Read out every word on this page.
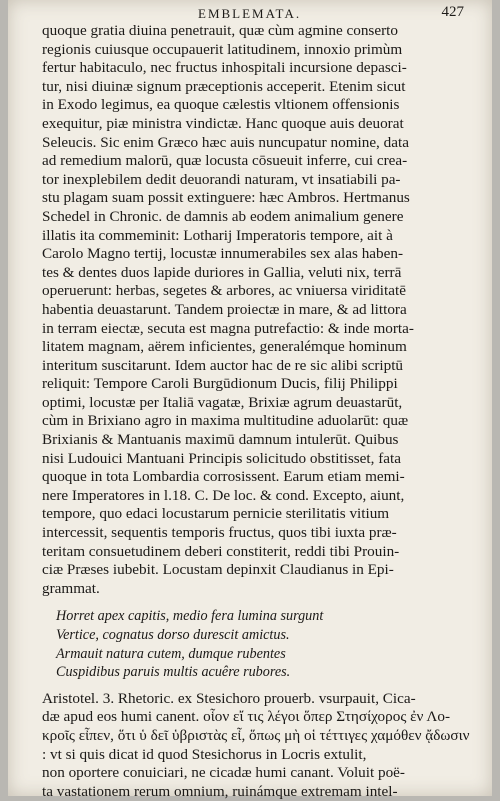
EMBLEMATA.	427
quoque gratia diuina penetrauit, quæ cùm agmine conserto
regionis cuiusque occupauerit latitudinem, innoxio primùm
fertur habitaculo, nec fructus inhospitali incursione depasci-
tur, nisi diuinæ signum præceptionis acceperit. Etenim sicut
in Exodo legimus, ea quoque cælestis vltionem offensionis
exequitur, piæ ministra vindictæ. Hanc quoque auis deuorat
Seleucis. Sic enim Græco hæc auis nuncupatur nomine, data
ad remedium malorū, quæ locusta cōsueuit inferre, cui crea-
tor inexplebilem dedit deuorandi naturam, vt insatiabili pa-
stu plagam suam possit extinguere: hæc Ambros. Hertmanus
Schedel in Chronic. de damnis ab eodem animalium genere
illatis ita commeminit: Lotharij Imperatoris tempore, ait à
Carolo Magno tertij, locustæ innumerabiles sex alas haben-
tes & dentes duos lapide duriores in Gallia, veluti nix, terrā
operuerunt: herbas, segetes & arbores, ac vniuersa viriditatē
habentia deuastarunt. Tandem proiectæ in mare, & ad littora
in terram eiectæ, secuta est magna putrefactio: & inde morta-
litatem magnam, aërem inficientes, generalémque hominum
interitum suscitarunt. Idem auctor hac de re sic alibi scriptū
reliquit: Tempore Caroli Burgūdionum Ducis, filij Philippi
optimi, locustæ per Italiā vagatæ, Brixiæ agrum deuastarūt,
cùm in Brixiano agro in maxima multitudine aduolarūt: quæ
Brixianis & Mantuanis maximū damnum intulerūt. Quibus
nisi Ludouici Mantuani Principis solicitudo obstitisset, fata
quoque in tota Lombardia corrosissent. Earum etiam memi-
nere Imperatores in l.18. C. De loc. & cond. Excepto, aiunt,
tempore, quo edaci locustarum pernicie sterilitatis vitium
intercessit, sequentis temporis fructus, quos tibi iuxta præ-
teritam consuetudinem deberi constiterit, reddi tibi Prouin-
ciæ Præses iubebit. Locustam depinxit Claudianus in Epi-
grammat.
Horret apex capitis, medio fera lumina surgunt
Vertice, cognatus dorso durescit amictus.
Armauit natura cutem, dumque rubentes
Cuspidibus paruis multis acuêre rubores.
Aristotel. 3. Rhetoric. ex Stesichoro prouerb. vsurpauit, Cica-
dæ apud eos humi canent. οἷον εἴ τις λέγοι ὅπερ Στησίχορος ἐν Λο-
κροῖς εἶπεν, ὅτι ὑ δεῖ ὑβριστὰς εἶ, ὅπως μὴ οἱ τέττιγες χαμόθεν ᾄδωσιν
: vt si quis dicat id quod Stesichorus in Locris extulit,
non oportere conuiciari, ne cicadæ humi canant. Voluit poë-
ta vastationem rerum omnium, ruinámque extremam intel-
